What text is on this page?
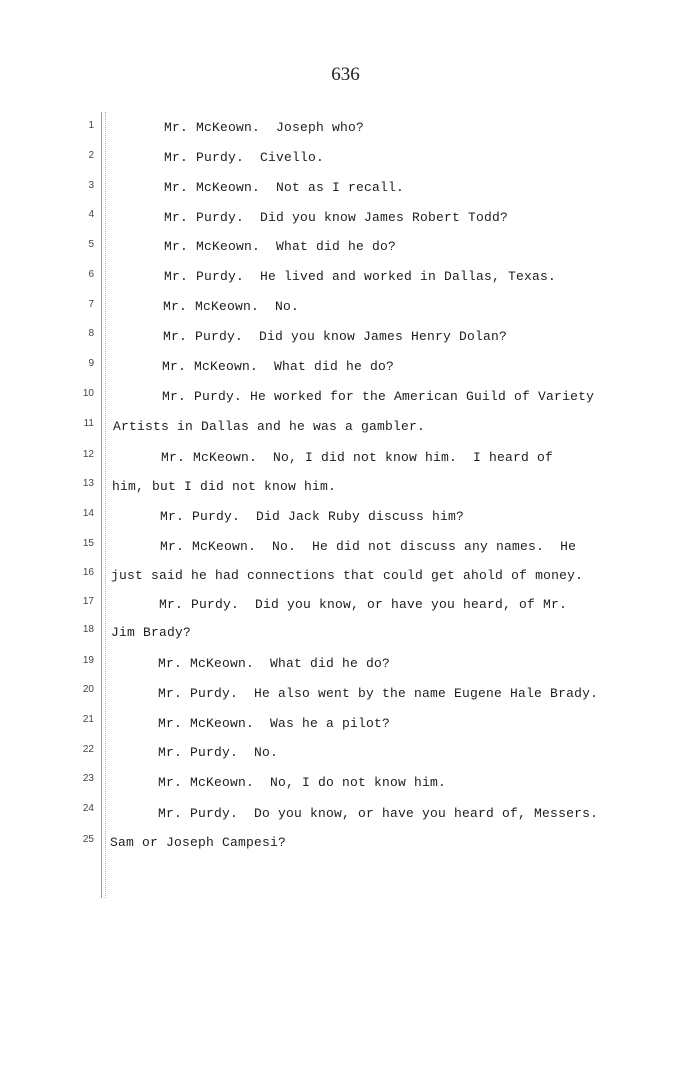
636
1
2
3
4
5
6
7
8
9
10
11
12
13
14
15
16
17
18
19
20
21
22
23
24
25
Mr. McKeown.  Joseph who?
Mr. Purdy.  Civello.
Mr. McKeown.  Not as I recall.
Mr. Purdy.  Did you know James Robert Todd?
Mr. McKeown.  What did he do?
Mr. Purdy.  He lived and worked in Dallas, Texas.
Mr. McKeown.  No.
Mr. Purdy.  Did you know James Henry Dolan?
Mr. McKeown.  What did he do?
Mr. Purdy. He worked for the American Guild of Variety
Artists in Dallas and he was a gambler.
Mr. McKeown.  No, I did not know him.  I heard of
him, but I did not know him.
Mr. Purdy.  Did Jack Ruby discuss him?
Mr. McKeown.  No.  He did not discuss any names.  He
just said he had connections that could get ahold of money.
Mr. Purdy.  Did you know, or have you heard, of Mr.
Jim Brady?
Mr. McKeown.  What did he do?
Mr. Purdy.  He also went by the name Eugene Hale Brady.
Mr. McKeown.  Was he a pilot?
Mr. Purdy.  No.
Mr. McKeown.  No, I do not know him.
Mr. Purdy.  Do you know, or have you heard of, Messers.
Sam or Joseph Campesi?
